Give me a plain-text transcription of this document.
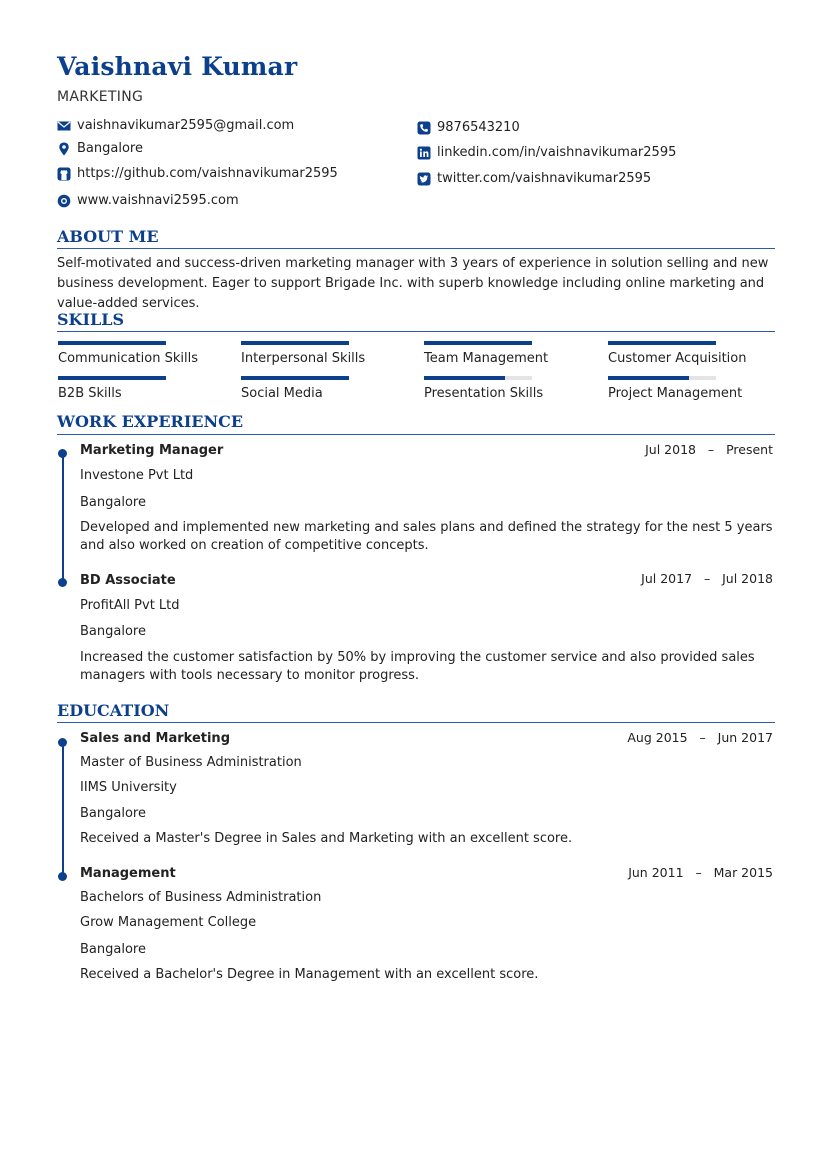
Vaishnavi Kumar
MARKETING
vaishnavikumar2595@gmail.com
Bangalore
https://github.com/vaishnavikumar2595
www.vaishnavi2595.com
9876543210
linkedin.com/in/vaishnavikumar2595
twitter.com/vaishnavikumar2595
ABOUT ME
Self-motivated and success-driven marketing manager with 3 years of experience in solution selling and new business development. Eager to support Brigade Inc. with superb knowledge including online marketing and value-added services.
SKILLS
Communication Skills	Interpersonal Skills	Team Management	Customer Acquisition
B2B Skills	Social Media	Presentation Skills	Project Management
WORK EXPERIENCE
Marketing Manager	Jul 2018   –   Present
Investone Pvt Ltd
Bangalore
Developed and implemented new marketing and sales plans and defined the strategy for the nest 5 years and also worked on creation of competitive concepts.
BD Associate	Jul 2017   –   Jul 2018
ProfitAll Pvt Ltd
Bangalore
Increased the customer satisfaction by 50% by improving the customer service and also provided sales managers with tools necessary to monitor progress.
EDUCATION
Sales and Marketing	Aug 2015   –   Jun 2017
Master of Business Administration
IIMS University
Bangalore
Received a Master's Degree in Sales and Marketing with an excellent score.
Management	Jun 2011   –   Mar 2015
Bachelors of Business Administration
Grow Management College
Bangalore
Received a Bachelor's Degree in Management with an excellent score.
